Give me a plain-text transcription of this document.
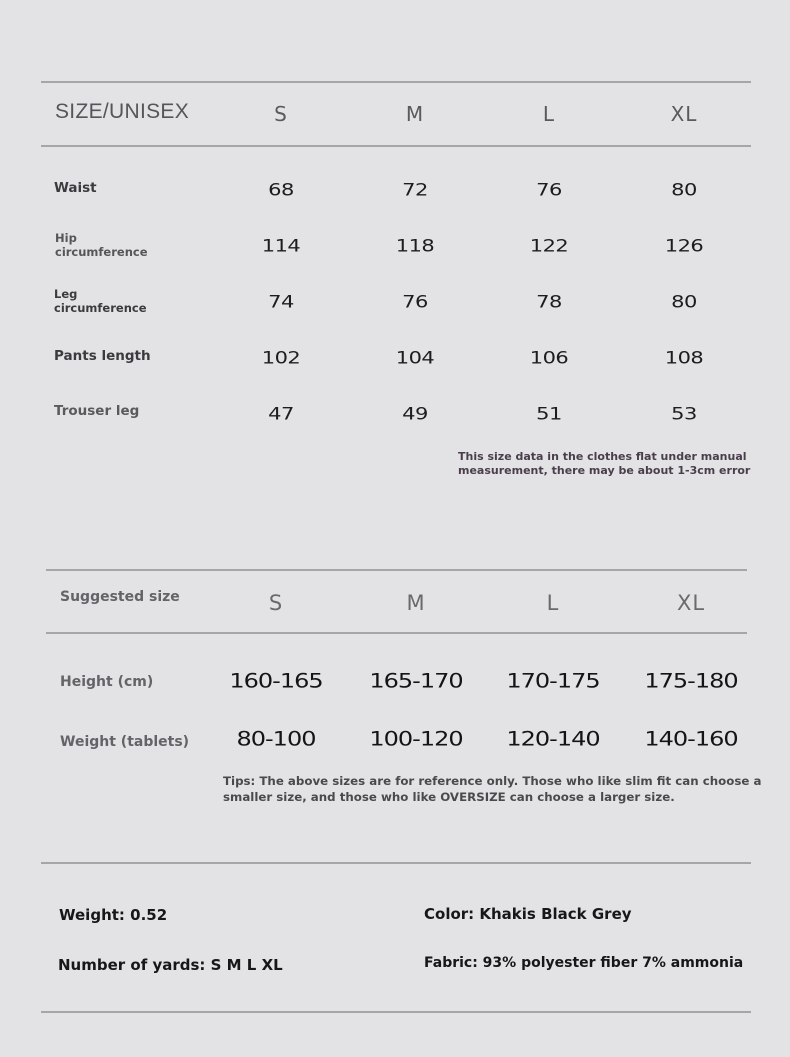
SIZE/UNISEX	S	M	L	XL
Waist	68	72	76	80
Hip
circumference	114	118	122	126
Leg
circumference	74	76	78	80
Pants length	102	104	106	108
Trouser leg	47	49	51	53
This size data in the clothes flat under manual
measurement, there may be about 1-3cm error
Suggested size	S	M	L	XL
Height (cm)	160-165	165-170	170-175	175-180
Weight (tablets)	80-100	100-120	120-140	140-160
Tips: The above sizes are for reference only. Those who like slim fit can choose a
smaller size, and those who like OVERSIZE can choose a larger size.
Weight: 0.52
Number of yards: S M L XL
Color: Khakis Black Grey
Fabric: 93% polyester fiber 7% ammonia
